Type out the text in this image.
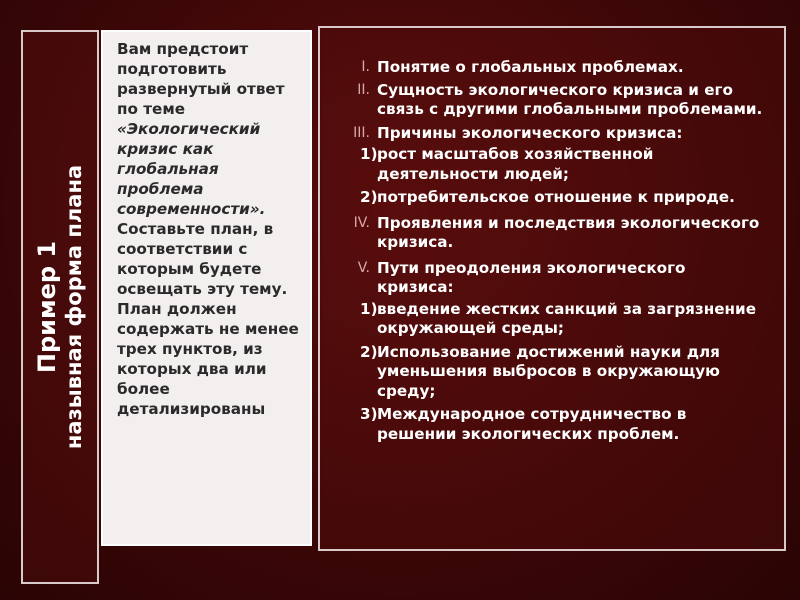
Пример 1 назывная форма плана

Вам предстоит подготовить развернутый ответ по теме

«Экологический кризис как глобальная проблема современности».

Составьте план, в соответствии с которым будете освещать эту тему.

План должен содержать не менее трех пунктов, из которых два или более детализированы

I. Понятие о глобальных проблемах.
II. Сущность экологического кризиса и его связь с другими глобальными проблемами.
III. Причины экологического кризиса:
1) рост масштабов хозяйственной деятельности людей;
2) потребительское отношение к природе.
IV. Проявления и последствия экологического кризиса.
V. Пути преодоления экологического кризиса:
1) введение жестких санкций за загрязнение окружающей среды;
2) Использование достижений науки для уменьшения выбросов в окружающую среду;
3) Международное сотрудничество в решении экологических проблем.
